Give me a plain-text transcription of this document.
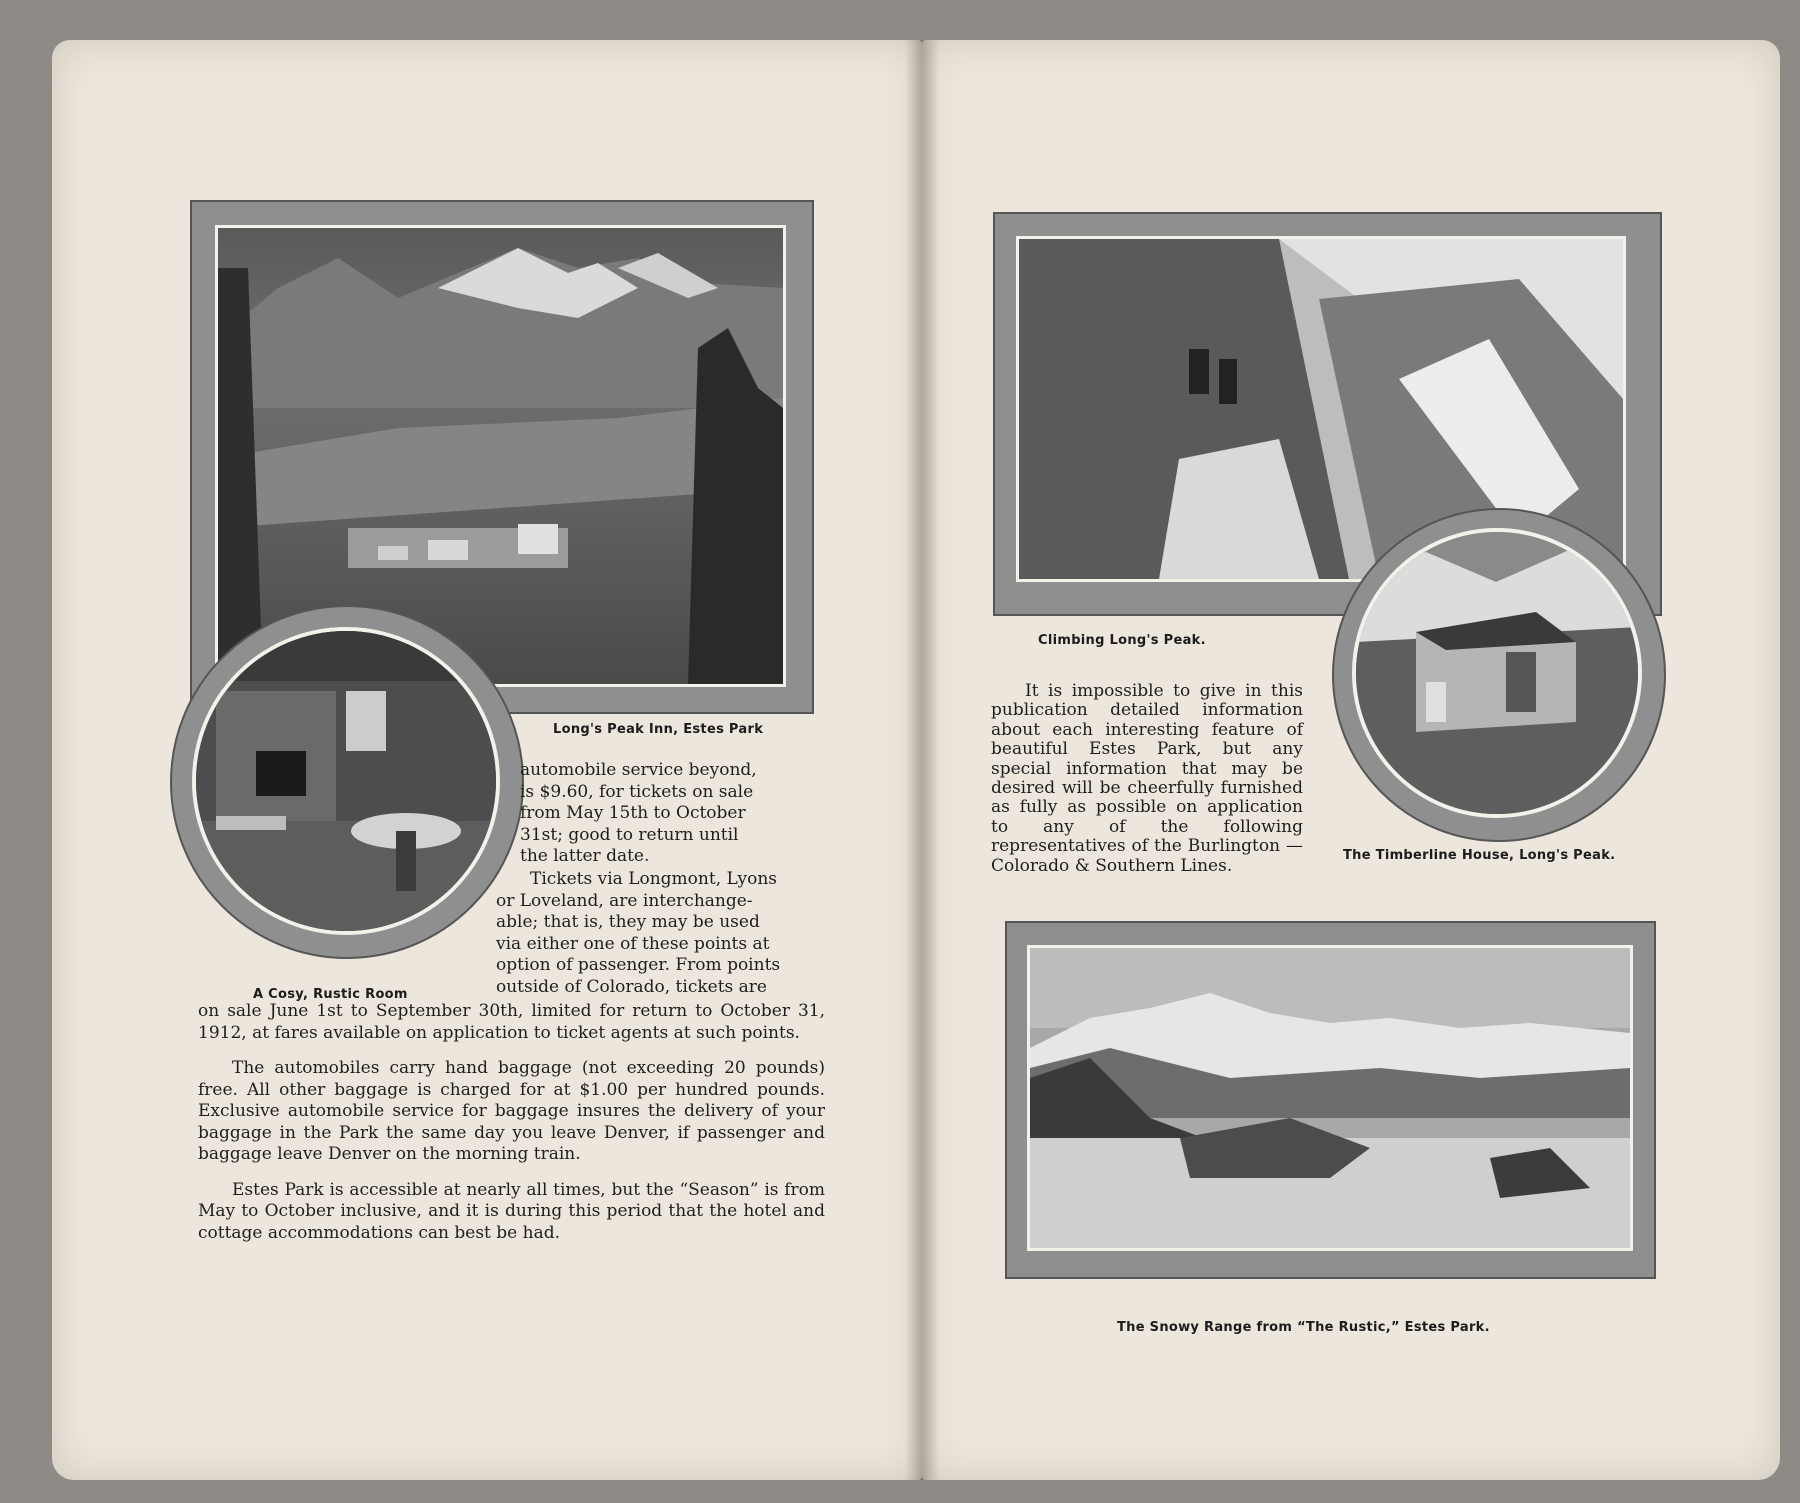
Long's Peak Inn, Estes Park
A Cosy, Rustic Room

automobile service beyond,

is $9.60, for tickets on sale

from May 15th to October

31st; good to return until

the latter date.

Tickets via Longmont, Lyons

or Loveland, are interchange-

able; that is, they may be used

via either one of these points at

option of passenger. From points

outside of Colorado, tickets are

on sale June 1st to September 30th, limited for return to October 31, 1912, at fares available on application to ticket agents at such points.

The automobiles carry hand baggage (not exceeding 20 pounds) free. All other baggage is charged for at $1.00 per hundred pounds. Exclusive automobile service for baggage insures the delivery of your baggage in the Park the same day you leave Denver, if passenger and baggage leave Denver on the morning train.

Estes Park is accessible at nearly all times, but the “Season” is from May to October inclusive, and it is during this period that the hotel and cottage accommodations can best be had.

Climbing Long's Peak.
The Timberline House, Long's Peak.

It is impossible to give in this publication detailed information about each interesting feature of beautiful Estes Park, but any special information that may be desired will be cheerfully furnished as fully as possible on application to any of the following representatives of the Burlington —Colorado & Southern Lines.

The Snowy Range from “The Rustic,” Estes Park.
